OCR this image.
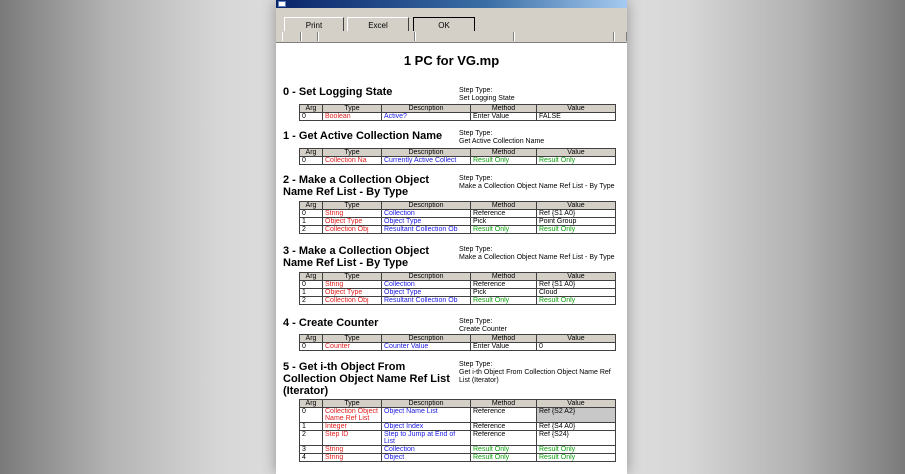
Print	Excel	OK
1 PC for VG.mp
0 - Set Logging State	Step Type:
Set Logging State
Arg	Type	Description	Method	Value
0	Boolean	Active?	Enter Value	FALSE
1 - Get Active Collection Name	Step Type:
Get Active Collection Name
Arg	Type	Description	Method	Value
0	Collection Na	Currently Active Collect	Result Only	Result Only
2 - Make a Collection Object Name Ref List - By Type
Step Type:
Make a Collection Object Name Ref List - By Type
Arg	Type	Description	Method	Value
0	String	Collection	Reference	Ref {S1 A0}
1	Object Type	Object Type	Pick	Point Group
2	Collection Obj	Resultant Collection Ob	Result Only	Result Only
3 - Make a Collection Object Name Ref List - By Type
Step Type:
Make a Collection Object Name Ref List - By Type
Arg	Type	Description	Method	Value
0	String	Collection	Reference	Ref {S1 A0}
1	Object Type	Object Type	Pick	Cloud
2	Collection Obj	Resultant Collection Ob	Result Only	Result Only
4 - Create Counter	Step Type:
Create Counter
Arg	Type	Description	Method	Value
0	Counter	Counter Value	Enter Value	0
5 - Get i-th Object From Collection Object Name Ref List (Iterator)
Step Type:
Get i-th Object From Collection Object Name Ref List (Iterator)
Arg	Type	Description	Method	Value
0	Collection Object Name Ref List	Object Name List	Reference	Ref {S2 A2}
1	Integer	Object Index	Reference	Ref {S4 A0}
2	Step ID	Step to Jump at End of List	Reference	Ref {S24}
3	String	Collection	Result Only	Result Only
4	String	Object	Result Only	Result Only
